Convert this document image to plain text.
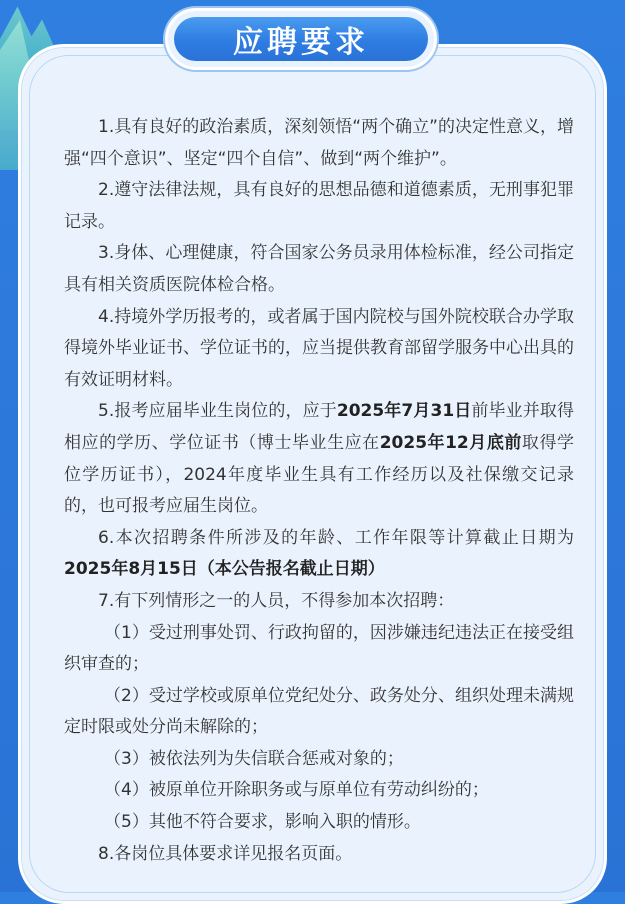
应聘要求

1.具有良好的政治素质，深刻领悟“两个确立”的决定性意义，增强“四个意识”、坚定“四个自信”、做到“两个维护”。

2.遵守法律法规，具有良好的思想品德和道德素质，无刑事犯罪记录。

3.身体、心理健康，符合国家公务员录用体检标准，经公司指定具有相关资质医院体检合格。

4.持境外学历报考的，或者属于国内院校与国外院校联合办学取得境外毕业证书、学位证书的，应当提供教育部留学服务中心出具的有效证明材料。

5.报考应届毕业生岗位的，应于2025年7月31日前毕业并取得相应的学历、学位证书（博士毕业生应在2025年12月底前取得学位学历证书），2024年度毕业生具有工作经历以及社保缴交记录的，也可报考应届生岗位。

6.本次招聘条件所涉及的年龄、工作年限等计算截止日期为2025年8月15日（本公告报名截止日期）

7.有下列情形之一的人员，不得参加本次招聘：

（1）受过刑事处罚、行政拘留的，因涉嫌违纪违法正在接受组织审查的；

（2）受过学校或原单位党纪处分、政务处分、组织处理未满规定时限或处分尚未解除的；

（3）被依法列为失信联合惩戒对象的；

（4）被原单位开除职务或与原单位有劳动纠纷的；

（5）其他不符合要求，影响入职的情形。

8.各岗位具体要求详见报名页面。
